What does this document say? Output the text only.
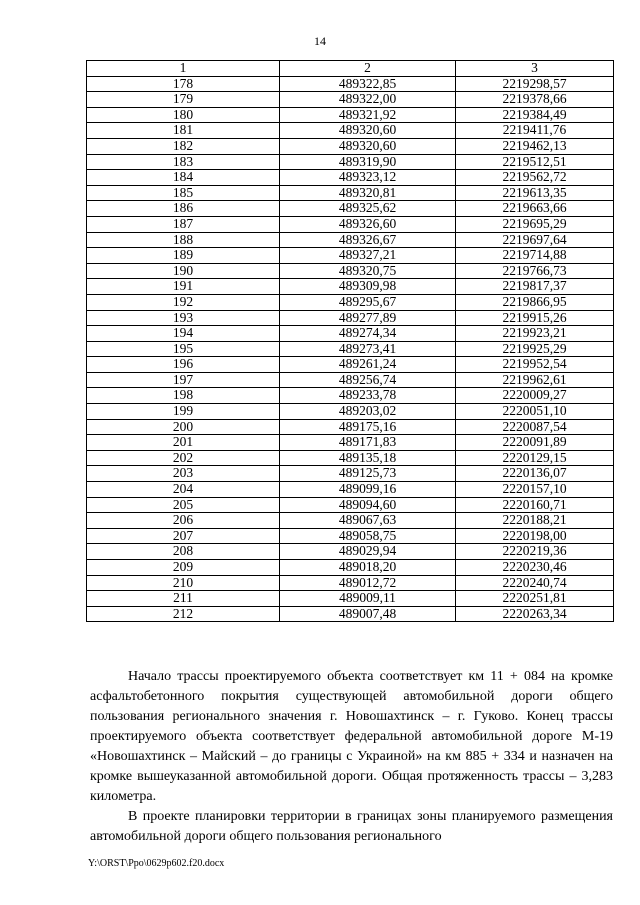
14
1	2	3
178	489322,85	2219298,57
179	489322,00	2219378,66
180	489321,92	2219384,49
181	489320,60	2219411,76
182	489320,60	2219462,13
183	489319,90	2219512,51
184	489323,12	2219562,72
185	489320,81	2219613,35
186	489325,62	2219663,66
187	489326,60	2219695,29
188	489326,67	2219697,64
189	489327,21	2219714,88
190	489320,75	2219766,73
191	489309,98	2219817,37
192	489295,67	2219866,95
193	489277,89	2219915,26
194	489274,34	2219923,21
195	489273,41	2219925,29
196	489261,24	2219952,54
197	489256,74	2219962,61
198	489233,78	2220009,27
199	489203,02	2220051,10
200	489175,16	2220087,54
201	489171,83	2220091,89
202	489135,18	2220129,15
203	489125,73	2220136,07
204	489099,16	2220157,10
205	489094,60	2220160,71
206	489067,63	2220188,21
207	489058,75	2220198,00
208	489029,94	2220219,36
209	489018,20	2220230,46
210	489012,72	2220240,74
211	489009,11	2220251,81
212	489007,48	2220263,34

Начало трассы проектируемого объекта соответствует км 11 + 084 на кромке асфальтобетонного покрытия существующей автомобильной дороги общего пользования регионального значения г. Новошахтинск – г. Гуково. Конец трассы проектируемого объекта соответствует федеральной автомобильной дороге М-19 «Новошахтинск – Майский – до границы с Украиной» на км 885 + 334 и назначен на кромке вышеуказанной автомобильной дороги. Общая протяженность трассы – 3,283 километра.

В проекте планировки территории в границах зоны планируемого размещения автомобильной дороги общего пользования регионального

Y:\ORST\Ppo\0629p602.f20.docx
